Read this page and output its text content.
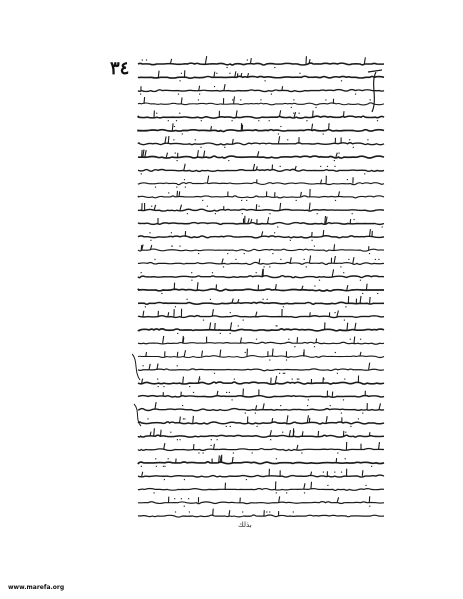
٣٤
بذلك
www.marefa.org
